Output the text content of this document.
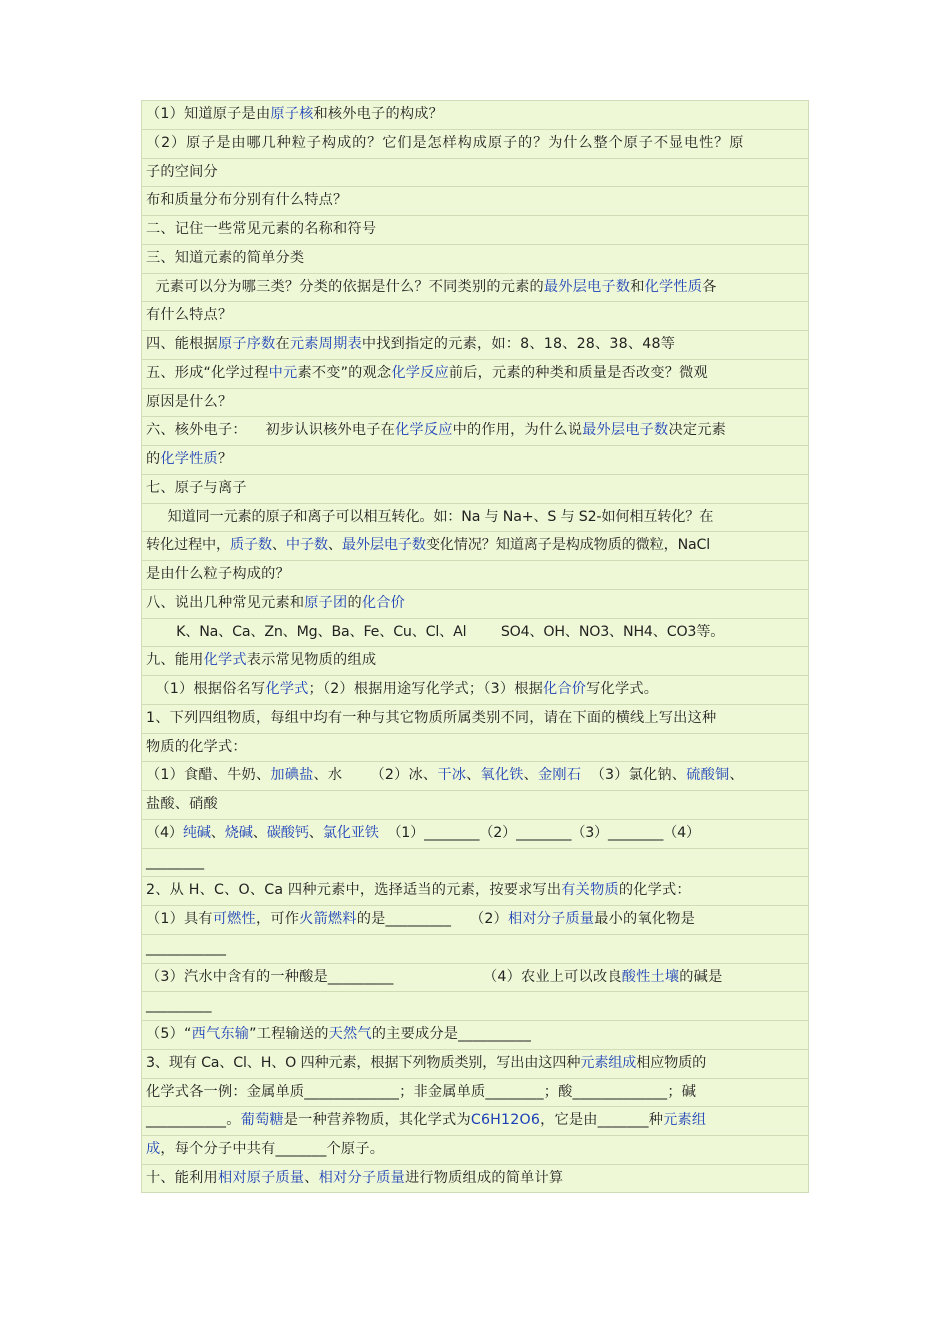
（1）知道原子是由原子核和核外电子的构成？
（2）原子是由哪几种粒子构成的？它们是怎样构成原子的？为什么整个原子不显电性？原
子的空间分
布和质量分布分别有什么特点？
二、记住一些常见元素的名称和符号
三、知道元素的简单分类
元素可以分为哪三类？分类的依据是什么？不同类别的元素的最外层电子数和化学性质各
有什么特点？
四、能根据原子序数在元素周期表中找到指定的元素，如：8、18、28、38、48等
五、形成“化学过程中元素不变”的观念化学反应前后，元素的种类和质量是否改变？微观
原因是什么？
六、核外电子：    初步认识核外电子在化学反应中的作用，为什么说最外层电子数决定元素
的化学性质？
七、原子与离子
知道同一元素的原子和离子可以相互转化。如：Na 与 Na+、S 与 S2-如何相互转化？在
转化过程中，质子数、中子数、最外层电子数变化情况？知道离子是构成物质的微粒，NaCl
是由什么粒子构成的？
八、说出几种常见元素和原子团的化合价
K、Na、Ca、Zn、Mg、Ba、Fe、Cu、Cl、Al        SO4、OH、NO3、NH4、CO3等。
九、能用化学式表示常见物质的组成
（1）根据俗名写化学式；（2）根据用途写化学式；（3）根据化合价写化学式。
1、下列四组物质，每组中均有一种与其它物质所属类别不同，请在下面的横线上写出这种
物质的化学式：
（1）食醋、牛奶、加碘盐、水      （2）冰、干冰、氧化铁、金刚石  （3）氯化钠、硫酸铜、
盐酸、硝酸
（4）纯碱、烧碱、碳酸钙、氯化亚铁  （1）________（2）________（3）________（4）
________
2、从 H、C、O、Ca 四种元素中，选择适当的元素，按要求写出有关物质的化学式：
（1）具有可燃性，可作火箭燃料的是_________    （2）相对分子质量最小的氧化物是
___________
（3）汽水中含有的一种酸是_________                   （4）农业上可以改良酸性土壤的碱是
_________
（5）“西气东输”工程输送的天然气的主要成分是__________
3、现有 Ca、Cl、H、O 四种元素，根据下列物质类别，写出由这四种元素组成相应物质的
化学式各一例：金属单质_____________；非金属单质________；酸_____________；碱
___________。葡萄糖是一种营养物质，其化学式为C6H12O6，它是由_______种元素组
成，每个分子中共有_______个原子。
十、能利用相对原子质量、相对分子质量进行物质组成的简单计算
